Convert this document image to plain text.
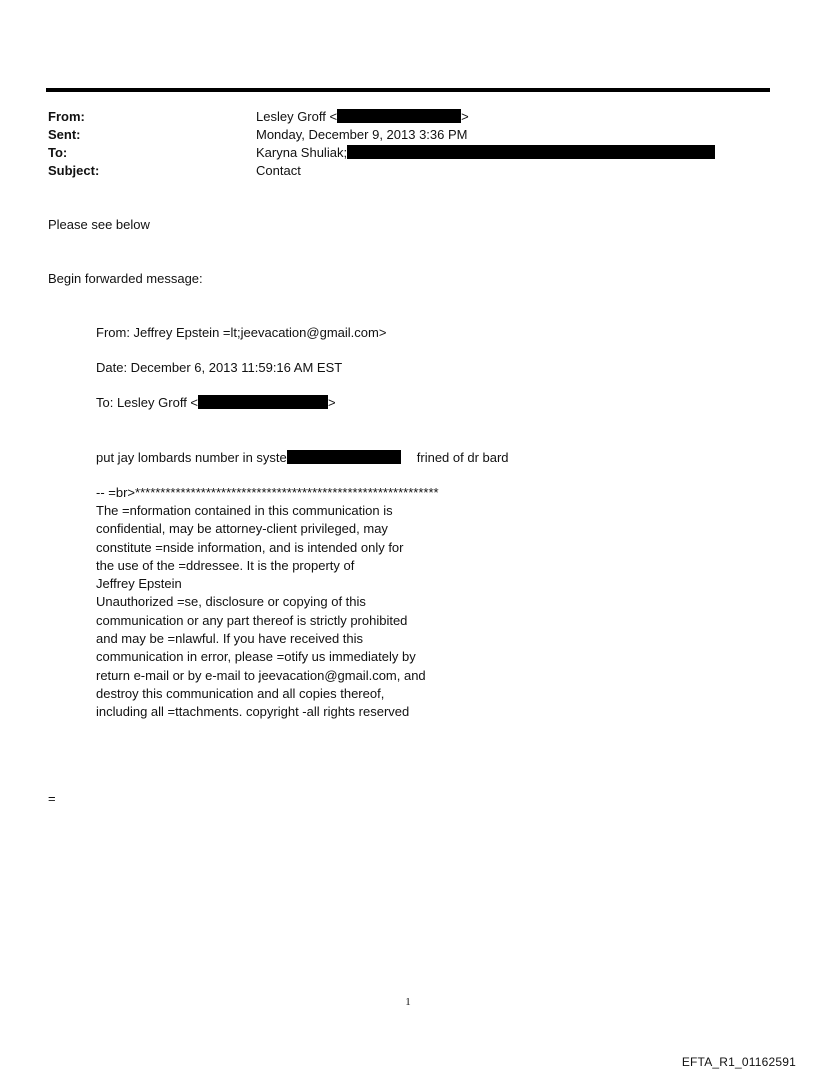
From:	Lesley Groff <	>
Sent:	Monday, December 9, 2013 3:36 PM
To:	Karyna Shuliak;
Subject:	Contact
Please see below
Begin forwarded message:
From: Jeffrey Epstein =lt;jeevacation@gmail.com>
Date: December 6, 2013 11:59:16 AM EST
To: Lesley Groff <	>
put jay lombards number in syste	frined of dr bard
-- =br>************************************************************
The =nformation contained in this communication is
confidential, may be attorney-client privileged, may
constitute =nside information, and is intended only for
the use of the =ddressee. It is the property of
Jeffrey Epstein
Unauthorized =se, disclosure or copying of this
communication or any part thereof is strictly prohibited
and may be =nlawful. If you have received this
communication in error, please =otify us immediately by
return e-mail or by e-mail to jeevacation@gmail.com, and
destroy this communication and all copies thereof,
including all =ttachments. copyright -all rights reserved
=
1
EFTA_R1_01162591
